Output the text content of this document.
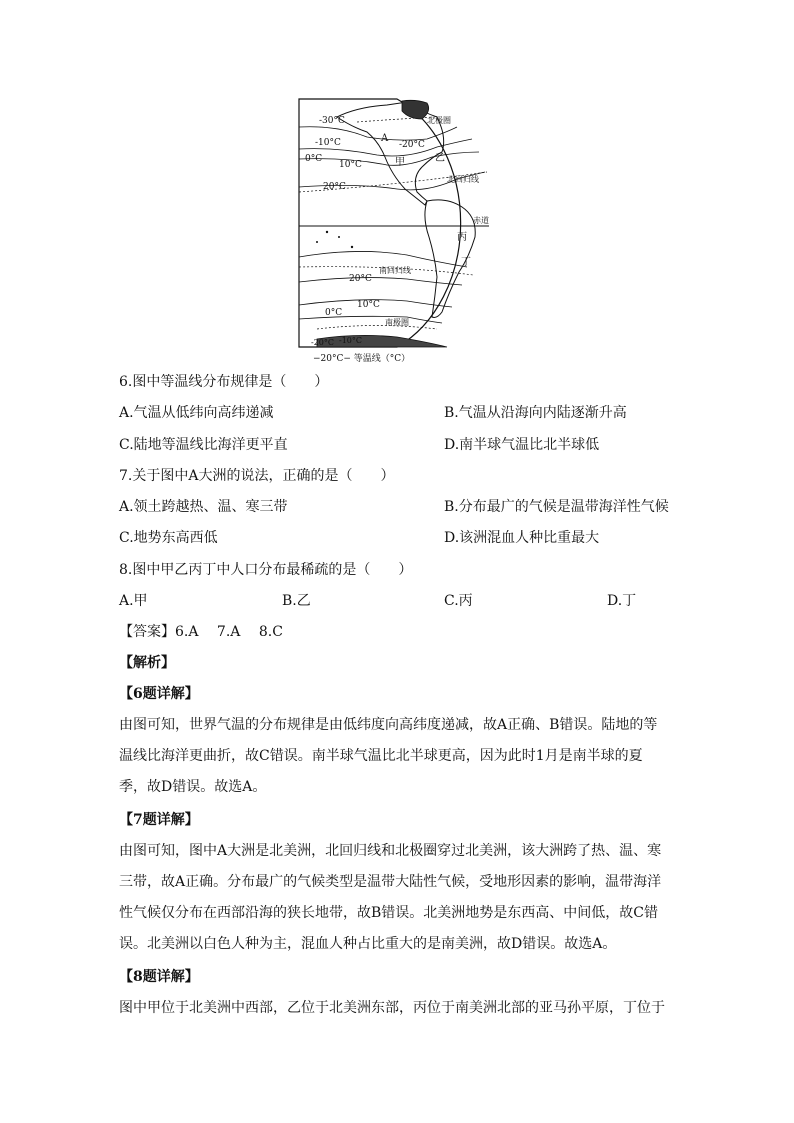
-30°C
-10°C	-20°C
0°C
10°C
20°C
A
甲
北极圈
乙
北回归线
赤道
丙
丁
南回归线
20°C
10°C
0°C
南极圈
-20°C -10°C
−20°C− 等温线（°C）
6.图中等温线分布规律是（　　）
A.气温从低纬向高纬递减	B.气温从沿海向内陆逐渐升高
C.陆地等温线比海洋更平直	D.南半球气温比北半球低
7.关于图中A大洲的说法，正确的是（　　）
A.领土跨越热、温、寒三带	B.分布最广的气候是温带海洋性气候
C.地势东高西低	D.该洲混血人种比重最大
8.图中甲乙丙丁中人口分布最稀疏的是（　　）
A.甲	B.乙	C.丙	D.丁
【答案】6.A　 7.A　 8.C
【解析】
【6题详解】
由图可知，世界气温的分布规律是由低纬度向高纬度递减，故A正确、B错误。陆地的等
温线比海洋更曲折，故C错误。南半球气温比北半球更高，因为此时1月是南半球的夏
季，故D错误。故选A。
【7题详解】
由图可知，图中A大洲是北美洲，北回归线和北极圈穿过北美洲，该大洲跨了热、温、寒
三带，故A正确。分布最广的气候类型是温带大陆性气候，受地形因素的影响，温带海洋
性气候仅分布在西部沿海的狭长地带，故B错误。北美洲地势是东西高、中间低，故C错
误。北美洲以白色人种为主，混血人种占比重大的是南美洲，故D错误。故选A。
【8题详解】
图中甲位于北美洲中西部，乙位于北美洲东部，丙位于南美洲北部的亚马孙平原，丁位于
